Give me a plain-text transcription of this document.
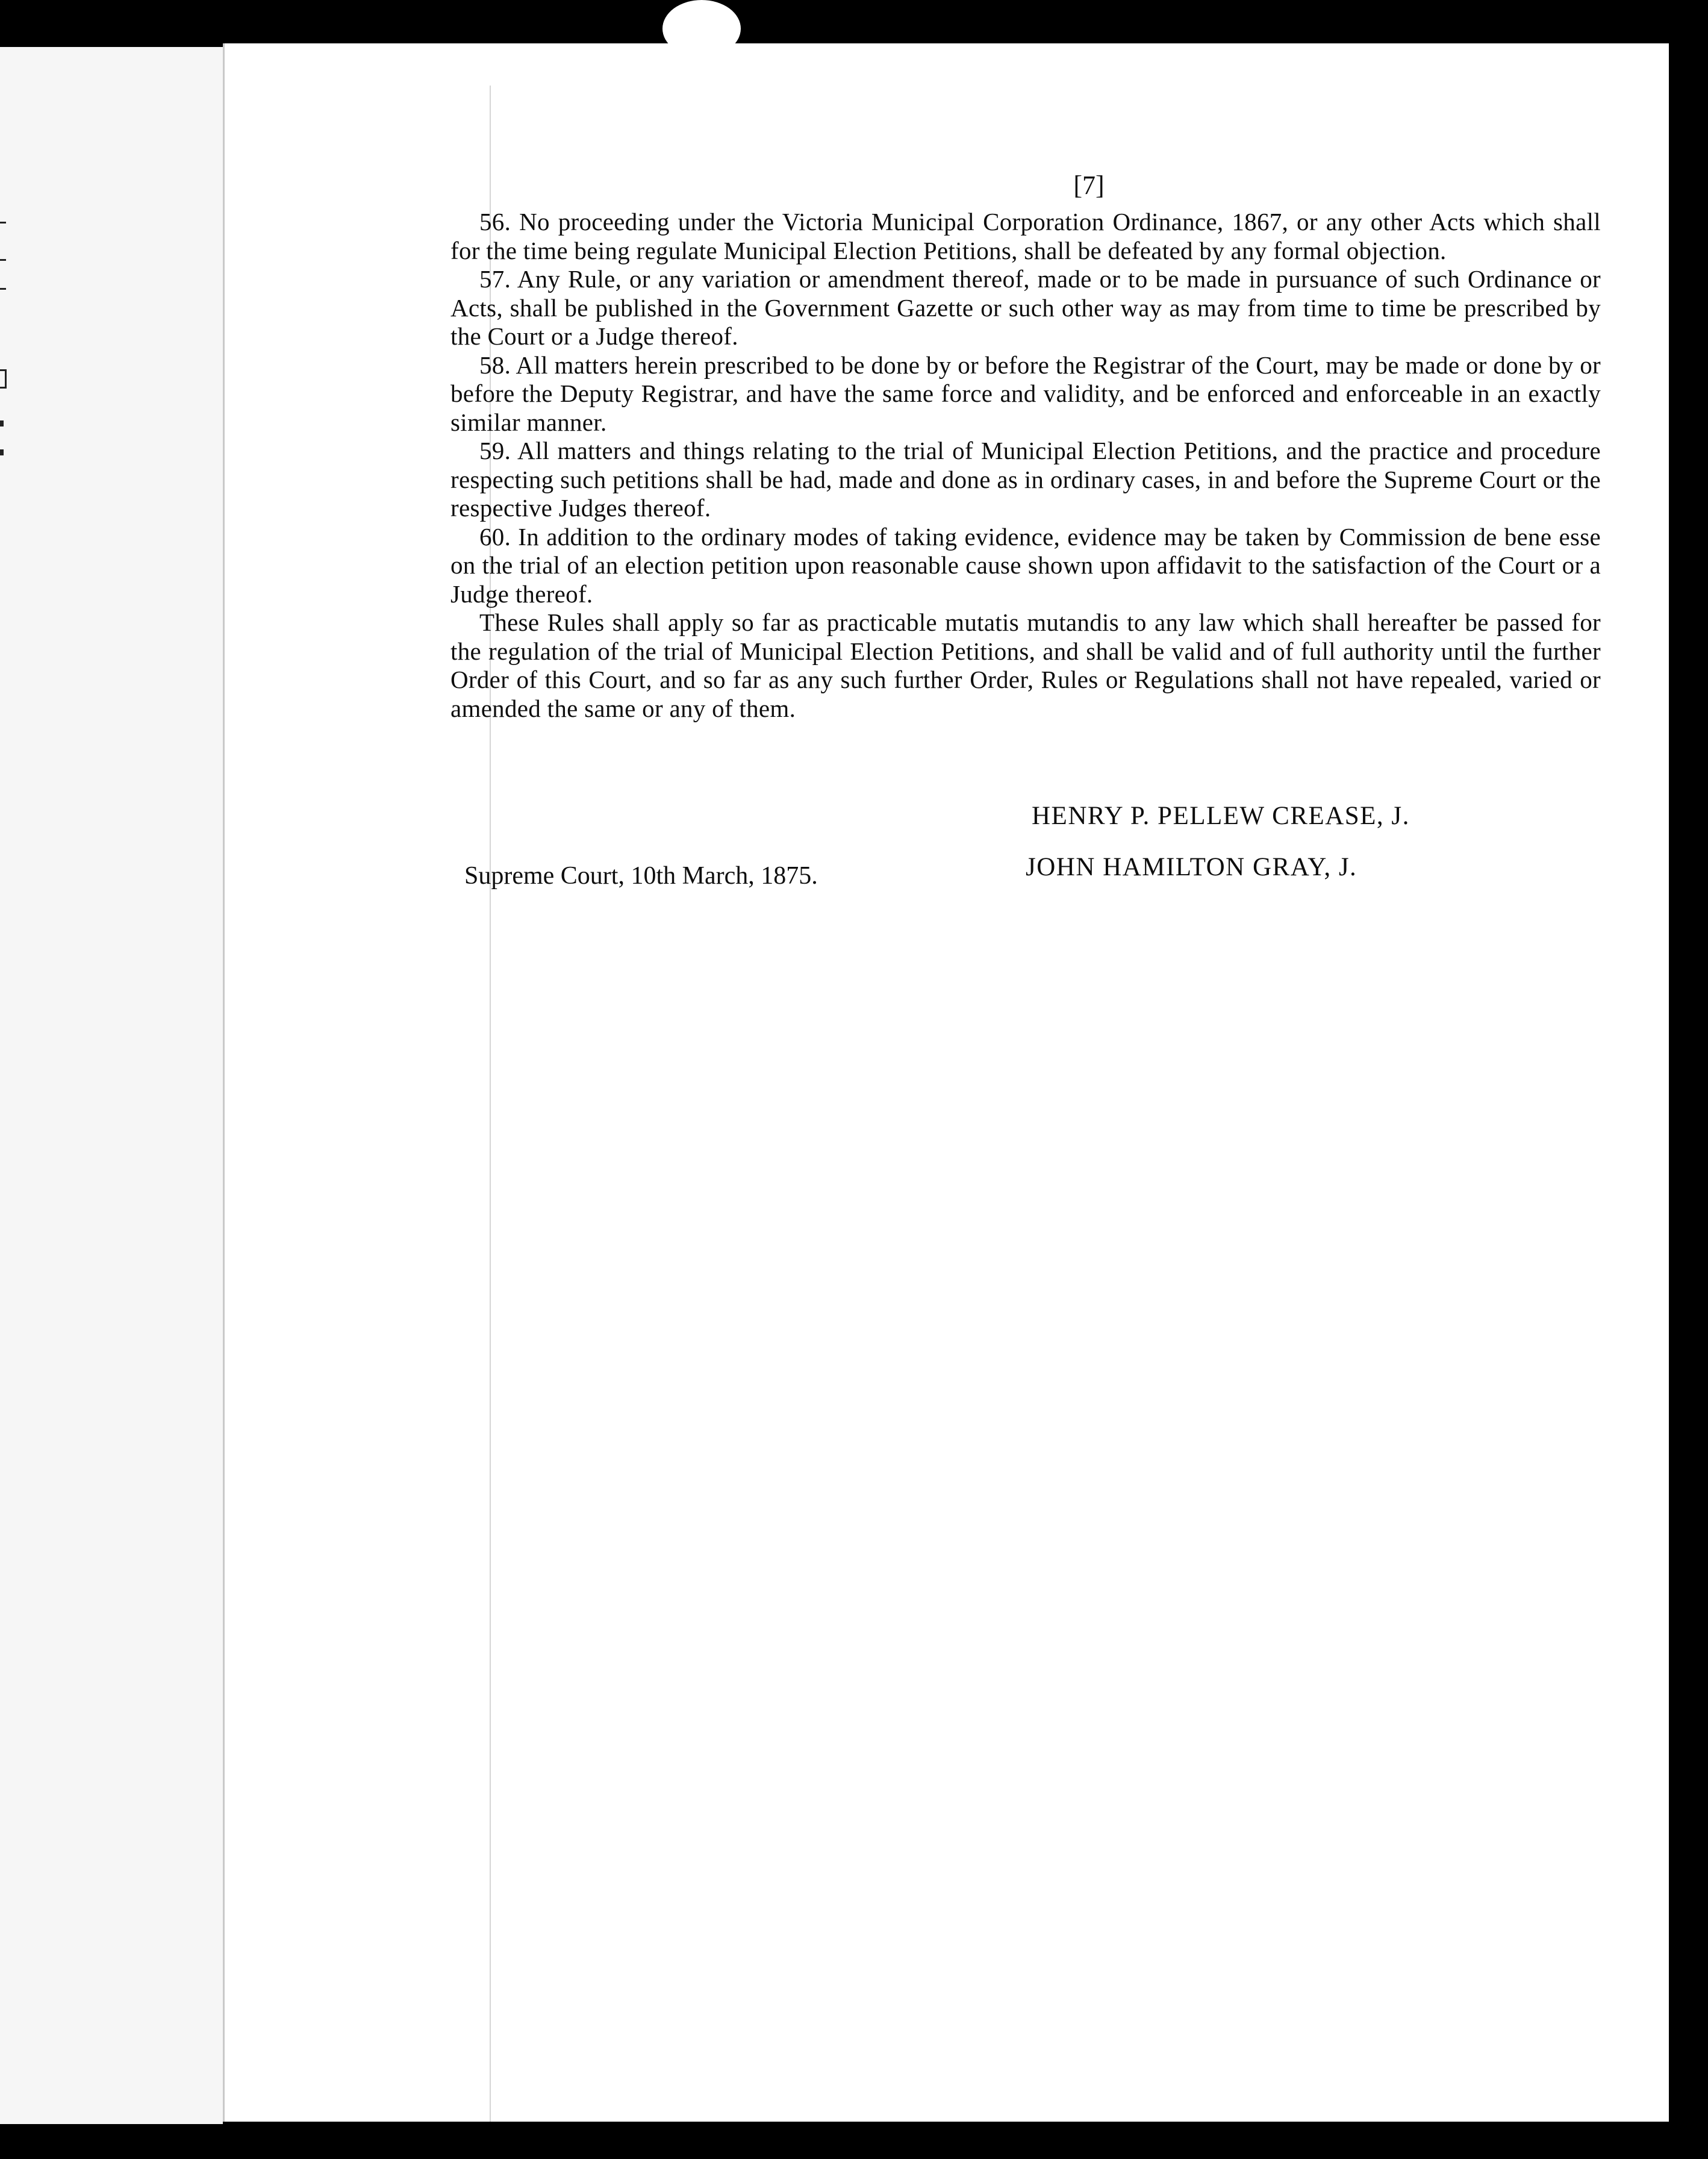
[7]

56. No proceeding under the Victoria Municipal Corporation Ordinance, 1867, or any other Acts which shall for the time being regulate Municipal Election Petitions, shall be defeated by any formal objection.

57. Any Rule, or any variation or amendment thereof, made or to be made in pursuance of such Ordinance or Acts, shall be published in the Government Gazette or such other way as may from time to time be prescribed by the Court or a Judge thereof.

58. All matters herein prescribed to be done by or before the Registrar of the Court, may be made or done by or before the Deputy Registrar, and have the same force and validity, and be enforced and enforceable in an exactly similar manner.

59. All matters and things relating to the trial of Municipal Election Petitions, and the practice and procedure respecting such petitions shall be had, made and done as in ordinary cases, in and before the Supreme Court or the respective Judges thereof.

60. In addition to the ordinary modes of taking evidence, evidence may be taken by Commission de bene esse on the trial of an election petition upon reasonable cause shown upon affidavit to the satisfaction of the Court or a Judge thereof.

These Rules shall apply so far as practicable mutatis mutandis to any law which shall hereafter be passed for the regulation of the trial of Municipal Election Petitions, and shall be valid and of full authority until the further Order of this Court, and so far as any such further Order, Rules or Regulations shall not have repealed, varied or amended the same or any of them.

HENRY P. PELLEW CREASE, J.
JOHN HAMILTON GRAY, J.
Supreme Court, 10th March, 1875.
